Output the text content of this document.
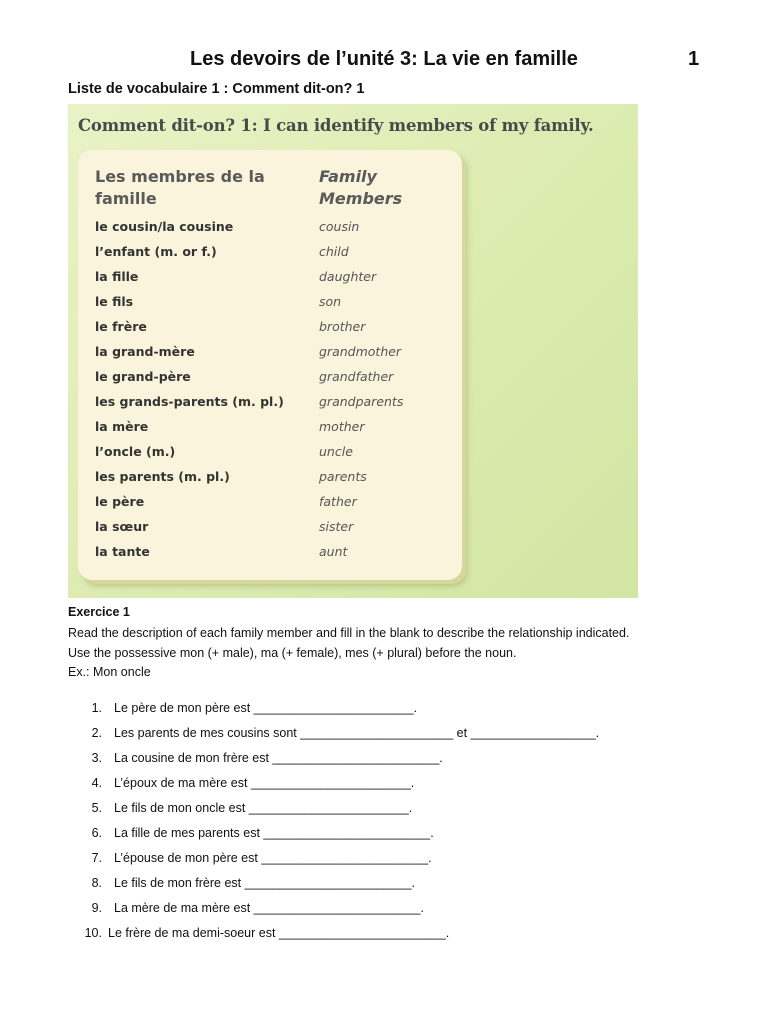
Les devoirs de l’unité 3: La vie en famille	1
Liste de vocabulaire 1 : Comment dit-on? 1
Comment dit-on? 1: I can identify members of my family.
Les membres de la famille
Family Members
le cousin/la cousine	cousin
l’enfant (m. or f.)	child
la fille	daughter
le fils	son
le frère	brother
la grand-mère	grandmother
le grand-père	grandfather
les grands-parents (m. pl.)	grandparents
la mère	mother
l’oncle (m.)	uncle
les parents (m. pl.)	parents
le père	father
la sœur	sister
la tante	aunt
Exercice 1
Read the description of each family member and fill in the blank to describe the relationship indicated.
Use the possessive mon (+ male), ma (+ female), mes (+ plural) before the noun.
Ex.: Mon oncle
1. Le père de mon père est _______________________.
2. Les parents de mes cousins sont ______________________ et __________________.
3. La cousine de mon frère est ________________________.
4. L’époux de ma mère est _______________________.
5. Le fils de mon oncle est _______________________.
6. La fille de mes parents est ________________________.
7. L’épouse de mon père est ________________________.
8. Le fils de mon frère est ________________________.
9. La mère de ma mère est ________________________.
10. Le frère de ma demi-soeur est ________________________.
